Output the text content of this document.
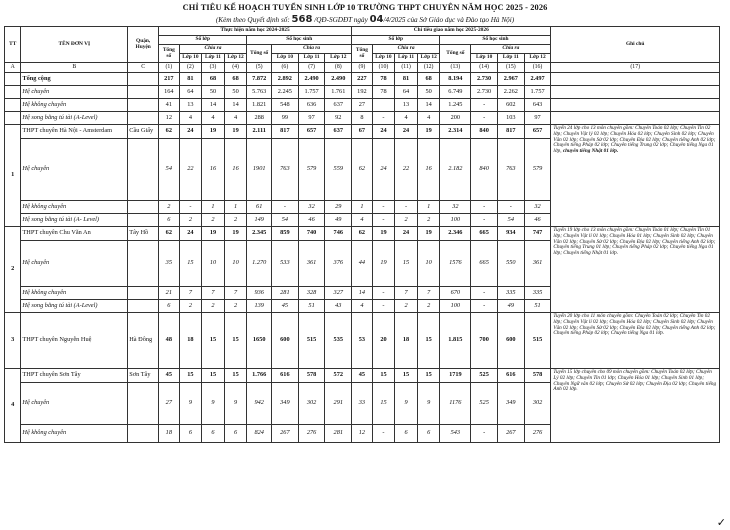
CHỈ TIÊU KẾ HOẠCH TUYỂN SINH LỚP 10 TRƯỜNG THPT CHUYÊN NĂM HỌC 2025 - 2026
(Kèm theo Quyết định số: 568 /QĐ-SGDĐT ngày 04/4/2025 của Sở Giáo dục và Đào tạo Hà Nội)
TT	TÊN ĐƠN VỊ	Quận, Huyện	Thực hiện năm học 2024-2025								Chỉ tiêu giao năm học 2025-2026								Ghi chú
			Số lớp				Số học sinh				Số lớp				Số học sinh				
			Tổng số	Chia ra			Tổng số	Chia ra			Tổng số	Chia ra			Tổng số	Chia ra			
				Lớp 10	Lớp 11	Lớp 12		Lớp 10	Lớp 11	Lớp 12		Lớp 10	Lớp 11	Lớp 12		Lớp 10	Lớp 11	Lớp 12	
A	B	C	(1)	(2)	(3)	(4)	(5)	(6)	(7)	(8)	(9)	(10)	(11)	(12)	(13)	(14)	(15)	(16)	(17)
	Tổng cộng		217	81	68	68	7.872	2.892	2.490	2.490	227	78	81	68	8.194	2.730	2.967	2.497	
	Hệ chuyên		164	64	50	50	5.763	2.245	1.757	1.761	192	78	64	50	6.749	2.730	2.262	1.757	
	Hệ không chuyên		41	13	14	14	1.821	548	636	637	27		13	14	1.245	-	602	643	
	Hệ song bằng tú tài (A-Level)		12	4	4	4	288	99	97	92	8	-	4	4	200	-	103	97	
1	THPT chuyên Hà Nội - Amsterdam	Cầu Giấy	62	24	19	19	2.111	817	657	637	67	24	24	19	2.314	840	817	657	Tuyển 24 lớp cho 13 môn chuyên gồm: Chuyên Toán 02 lớp; Chuyên Tin 02 lớp; Chuyên Vật lý 02 lớp; Chuyên Hóa 02 lớp; Chuyên Sinh 02 lớp; Chuyên Văn 02 lớp; Chuyên Sử 02 lớp; Chuyên Địa 02 lớp; Chuyên tiếng Anh 02 lớp; Chuyên tiếng Pháp 02 lớp; Chuyên tiếng Trung 02 lớp; Chuyên tiếng Nga 01 lớp, chuyên tiếng Nhật 01 lớp.
	Hệ chuyên		54	22	16	16	1901	763	579	559	62	24	22	16	2.182	840	763	579	
	Hệ không chuyên		2	-	1	1	61	-	32	29	1	-	-	1	32	-	-	32	
	Hệ song bằng tú tài (A- Level)		6	2	2	2	149	54	46	49	4	-	2	2	100	-	54	46	
2	THPT chuyên Chu Văn An	Tây Hồ	62	24	19	19	2.345	859	740	746	62	19	24	19	2.346	665	934	747	Tuyển 19 lớp cho 13 môn chuyên gồm: Chuyên Toán 01 lớp; Chuyên Tin 01 lớp; Chuyên Vật lí 01 lớp; Chuyên Hóa 01 lớp; Chuyên Sinh 02 lớp; Chuyên Văn 02 lớp; Chuyên Sử 02 lớp; Chuyên Địa 02 lớp; Chuyên tiếng Anh 02 lớp; Chuyên tiếng Trung 01 lớp; Chuyên tiếng Pháp 02 lớp; Chuyên tiếng Nga 01 lớp; Chuyên tiếng Nhật 01 lớp.
	Hệ chuyên		35	15	10	10	1.270	533	361	376	44	19	15	10	1576	665	550	361	
	Hệ không chuyên		21	7	7	7	936	281	328	327	14	-	7	7	670	-	335	335	
	Hệ song bằng tú tài (A-Level)		6	2	2	2	139	45	51	43	4	-	2	2	100	-	49	51	
3	THPT chuyên Nguyễn Huệ	Hà Đông	48	18	15	15	1650	600	515	535	53	20	18	15	1.815	700	600	515	Tuyển 20 lớp cho 11 môn chuyên gồm: Chuyên Toán 02 lớp; Chuyên Tin 02 lớp; Chuyên Vật lí 02 lớp; Chuyên Hóa 02 lớp; Chuyên Sinh 02 lớp; Chuyên Văn 02 lớp; Chuyên Sử 02 lớp; Chuyên Địa 02 lớp; Chuyên tiếng Anh 02 lớp; Chuyên tiếng Pháp 02 lớp; Chuyên tiếng Nga 01 lớp.
4	THPT chuyên Sơn Tây	Sơn Tây	45	15	15	15	1.766	616	578	572	45	15	15	15	1719	525	616	578	Tuyển 15 lớp chuyên cho 09 môn chuyên gồm: Chuyên Toán 02 lớp; Chuyên Lý 02 lớp; Chuyên Tin 01 lớp; Chuyên Hóa 01 lớp; Chuyên Sinh 01 lớp; Chuyên Ngữ văn 02 lớp; Chuyên Sử 02 lớp; Chuyên Địa 02 lớp; Chuyên tiếng Anh 02 lớp.
	Hệ chuyên		27	9	9	9	942	349	302	291	33	15	9	9	1176	525	349	302	
	Hệ không chuyên		18	6	6	6	824	267	276	281	12	-	6	6	543	-	267	276	
✓
